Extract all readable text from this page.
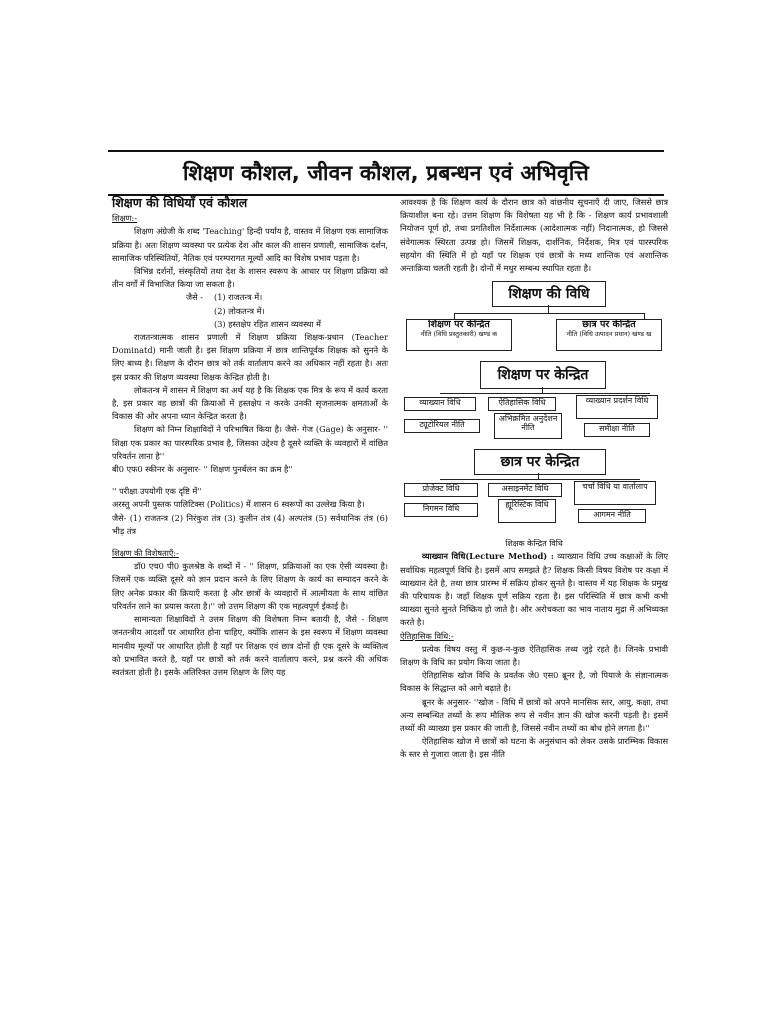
शिक्षण कौशल, जीवन कौशल, प्रबन्धन एवं अभिवृत्ति
शिक्षण की विधियाँ एवं कौशल

शिक्षण:-

शिक्षण अंग्रेजी के शब्द 'Teaching' हिन्दी पर्याय है, वास्तव में शिक्षण एक सामाजिक प्रक्रिया है। अतः शिक्षण व्यवस्था पर प्रत्येक देश और काल की शासन प्रणाली, सामाजिक दर्शन, सामाजिक परिस्थितियों, नैतिक एवं परम्परागत मूल्यों आदि का विशेष प्रभाव पड़ता है।

विभिन्न दर्शनों, संस्कृतियों तथा देश के शासन स्वरूप के आधार पर शिक्षण प्रक्रिया को तीन वर्गों में विभाजित किया जा सकता है।

जैसे - (1) राजतन्त्र में।
(2) लोकतन्त्र में।
(3) हस्तक्षेप रहित शासन व्यवस्था में

राजतन्त्रात्मक शासन प्रणाली में शिक्षण प्रक्रिया शिक्षक-प्रधान (Teacher Dominatd) मानी जाती है। इस शिक्षण प्रक्रिया में छात्र शान्तिपूर्वक शिक्षक को सुनने के लिए बाध्य है। शिक्षण के दौरान छात्र को तर्क वार्तालाप करने का अधिकार नहीं रहता है। अतः इस प्रकार की शिक्षण व्यवस्था शिक्षक केन्द्रित होती है।

लोकतन्त्र में शासन में शिक्षण का अर्थ यह है कि शिक्षक एक मित्र के रूप में कार्य करता है, इस प्रकार वह छात्रों की क्रियाओं में हस्तक्षेप न करके उनकी सृजनात्मक क्षमताओं के विकास की ओर अपना ध्यान केन्द्रित करता है।

शिक्षण को निम्न शिक्षाविदों ने परिभाषित किया है। जैसे- गेज (Gage) के अनुसार- '' शिक्षा एक प्रकार का पारस्परिक प्रभाव है, जिसका उद्देश्य है दूसरे व्यक्ति के व्यवहारों में वांछित परिवर्तन लाना है''

बी0 एफ0 स्कीनर के अनुसार- '' शिक्षण पुनर्बलन का क्रम है''

'' परीक्षा उपयोगी एक दृष्टि में''

अरस्तु अपनी पुस्तक पालिटिक्स (Politics) में शासन 6 स्वरूपों का उल्लेख किया है।

जैसे- (1) राजतन्त्र (2) निरंकुश तंत्र (3) कुलीन तंत्र (4) अल्पतंत्र (5) सर्वधानिक तंत्र (6) भीड़ तंत्र

शिक्षण की विशेषताएँ:-

डॉ0 एच0 पी0 कुलश्रेष्ठ के शब्दों में - '' शिक्षण, प्रक्रियाओं का एक ऐसी व्यवस्था है। जिसमें एक व्यक्ति दूसरे को ज्ञान प्रदान करने के लिए शिक्षण के कार्य का सम्पादन करने के लिए अनेक प्रकार की क्रियाएँ करता है और छात्रों के व्यवहारों में आत्मीयता के साथ वांछित परिवर्तन लाने का प्रयास करता है।'' जो उत्तम शिक्षण की एक महत्वपूर्ण ईकाई है।

सामान्यतः शिक्षाविदों ने उत्तम शिक्षण की विशेषता निम्न बतायी है, जैसे - शिक्षण जनतन्त्रीय आदर्शों पर आधारित होना चाहिए, क्योंकि शासन के इस स्वरूप में शिक्षण व्यवस्था मानवीय मूल्यों पर आधारित होती है यहाँ पर शिक्षक एवं छात्र दोनों ही एक दूसरे के व्यक्तित्व को प्रभावित करते है, यहाँ पर छात्रों को तर्क करने वार्तालाप करने, प्रश्न करने की अधिक स्वतंत्रता होती है। इसके अतिरिक्त उत्तम शिक्षण के लिए यह

आवश्यक है कि शिक्षण कार्य के दौरान छात्र को वांछनीय सूचनाएँ दी जाए, जिससे छात्र क्रियाशील बना रहे। उत्तम शिक्षण कि विशेषता यह भी है कि - शिक्षण कार्य प्रभावशाली नियोजन पूर्ण हो, तथा प्रगतिशील निर्देशात्मक (आदेशात्मक नहीं) निदानात्मक, हो जिससे संवेगात्मक स्थिरता उत्पन्न हो। जिसमें शिक्षक, दार्शनिक, निर्देशक, मित्र एवं पारस्परिक सहयोग की स्थिति में हो यहाँ पर शिक्षक एवं छात्रों के मध्य शान्तिक एवं अशान्तिक अन्तःक्रिया चलती रहती है। दोनों में मधुर सम्बन्ध स्थापित रहता है।

शिक्षण की विधि
शिक्षण पर केन्द्रित
नीति (विधि प्रस्तुतकारी) खण्ड क
छात्र पर केन्द्रित
नीति (विधि उत्पादन प्रधान) खण्ड ख
शिक्षण पर केन्द्रित
व्याख्यान विधि	ऐतिहासिक विधि	व्याख्यान प्रदर्शन विधि
ट्यूटोरियल नीति
अभिक्रमित अनुदेशन नीति	समीक्षा नीति
छात्र पर केन्द्रित
प्रोजेक्ट विधि	असाइनमेंट विधि	चर्चा विधि या वार्तालाप
निगमन विधि	ह्यूरिस्टिक विधि
आगमन नीति
शिक्षक केन्द्रित विधि

व्याख्यान विधि(Lecture Method) : व्याख्यान विधि उच्च कक्षाओं के लिए सर्वाधिक महत्वपूर्ण विधि है। इसमें आप समझते है? शिक्षक किसी विषय विशेष पर कक्षा में व्याख्यान देते है, तथा छात्र प्रारम्भ में सक्रिय होकर सुनते है। वास्तव में यह शिक्षक के प्रमुख की परिचायक है। जहाँ शिक्षक पूर्ण सक्रिय रहता है। इस परिस्थिति में छात्र कभी कभी व्याख्या सुनते सुनते निष्क्रिय हो जाते है। और अरोचकता का भाव नाताय मुद्रा में अभिव्यक्त करते है।

ऐतिहासिक विधि:-

प्रत्येक विषय वस्तु में कुछ-न-कुछ ऐतिहासिक तथ्य जुड़े रहते है। जिनके प्रभावी शिक्षण के विधि का प्रयोग किया जाता है।

ऐतिहासिक खोज विधि के प्रवर्तक जे0 एस0 ब्रूनर है, जो पियाजे के संज्ञानात्मक विकास के सिद्धान्त को आगे बढ़ाते है।

ब्रूनर के अनुसार- ''खोज - विधि में छात्रों को अपने मानसिक स्तर, आयु, कक्षा, तथा अन्य सम्बन्धित तथ्यों के रूप मौलिक रूप से नवीन ज्ञान की खोज करनी पड़ती है। इसमें तथ्यों की व्याख्या इस प्रकार की जाती है, जिससे नवीन तथ्यों का बोध होने लगता है।''

ऐतिहासिक खोज में छात्रों को घटना के अनुसंधान को लेकर उसके प्रारम्भिक विकास के स्तर से गुजारा जाता है। इस नीति
